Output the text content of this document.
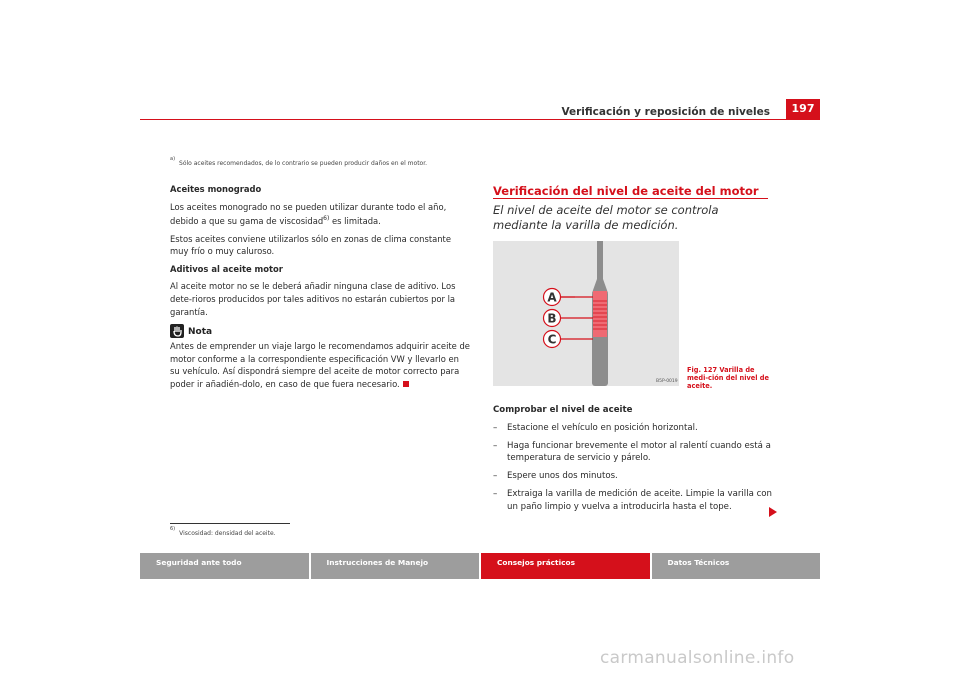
Verificación y reposición de niveles	197
$^{a)}$Sólo aceites recomendados, de lo contrario se pueden producir daños en el motor.

Aceites monogrado

Los aceites monogrado no se pueden utilizar durante todo el año, debido a que su gama de viscosidad$^{6)}$ es limitada.

Estos aceites conviene utilizarlos sólo en zonas de clima constante muy frío o muy caluroso.

Aditivos al aceite motor

Al aceite motor no se le deberá añadir ninguna clase de aditivo. Los dete-rioros producidos por tales aditivos no estarán cubiertos por la garantía.

Nota

Antes de emprender un viaje largo le recomendamos adquirir aceite de motor conforme a la correspondiente especificación VW y llevarlo en su vehículo. Así dispondrá siempre del aceite de motor correcto para poder ir añadién-dolo, en caso de que fuera necesario.

$^{6)}$Viscosidad: densidad del aceite.
Verificación del nivel de aceite del motor
El nivel de aceite del motor se controla mediante la varilla de medición.
A
B
C
B5P-0019
Fig. 127 Varilla de medi-ción del nivel de aceite.

Comprobar el nivel de aceite

–	Estacione el vehículo en posición horizontal.
–	Haga funcionar brevemente el motor al ralentí cuando está a temperatura de servicio y párelo.
–	Espere unos dos minutos.
–	Extraiga la varilla de medición de aceite. Limpie la varilla con un paño limpio y vuelva a introducirla hasta el tope.
Seguridad ante todo	Instrucciones de Manejo	Consejos prácticos	Datos Técnicos
carmanualsonline.info
